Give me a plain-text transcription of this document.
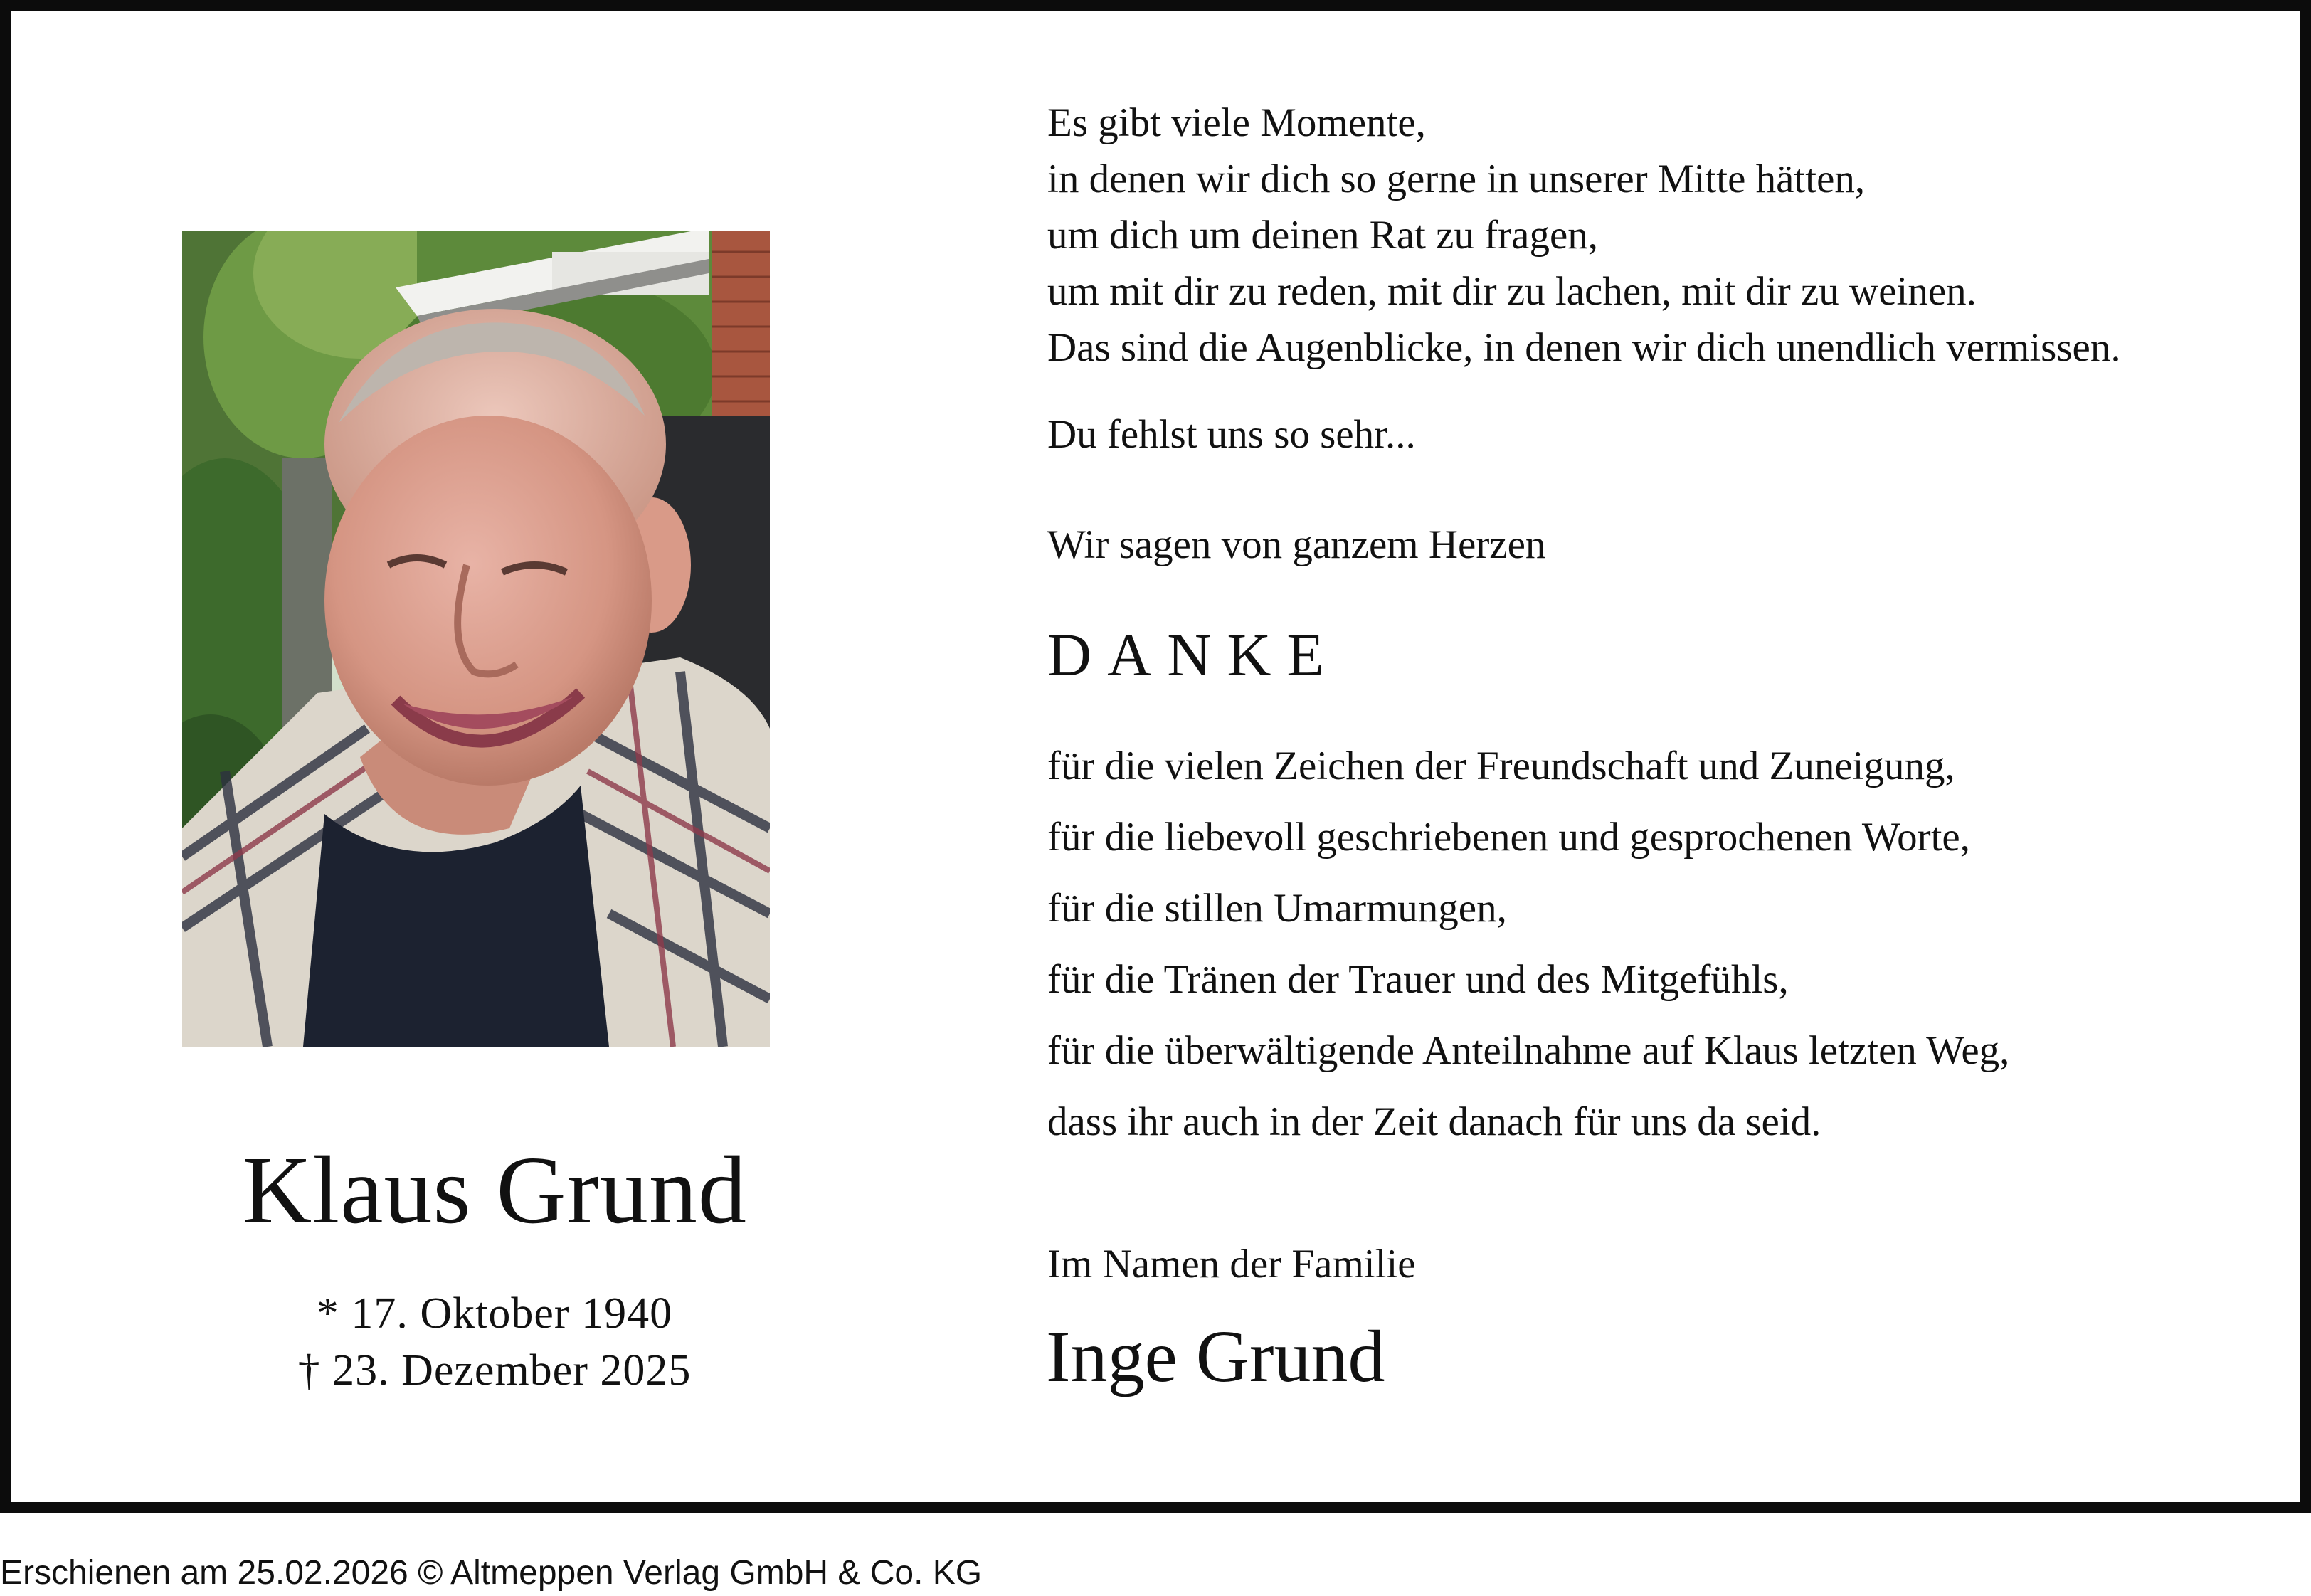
Klaus Grund
* 17. Oktober 1940
† 23. Dezember 2025
Es gibt viele Momente,
in denen wir dich so gerne in unserer Mitte hätten,
um dich um deinen Rat zu fragen,
um mit dir zu reden, mit dir zu lachen, mit dir zu weinen.
Das sind die Augenblicke, in denen wir dich unendlich vermissen.
Du fehlst uns so sehr...
Wir sagen von ganzem Herzen
DANKE
für die vielen Zeichen der Freundschaft und Zuneigung,
für die liebevoll geschriebenen und gesprochenen Worte,
für die stillen Umarmungen,
für die Tränen der Trauer und des Mitgefühls,
für die überwältigende Anteilnahme auf Klaus letzten Weg,
dass ihr auch in der Zeit danach für uns da seid.
Im Namen der Familie
Inge Grund
Erschienen am 25.02.2026 © Altmeppen Verlag GmbH & Co. KG
